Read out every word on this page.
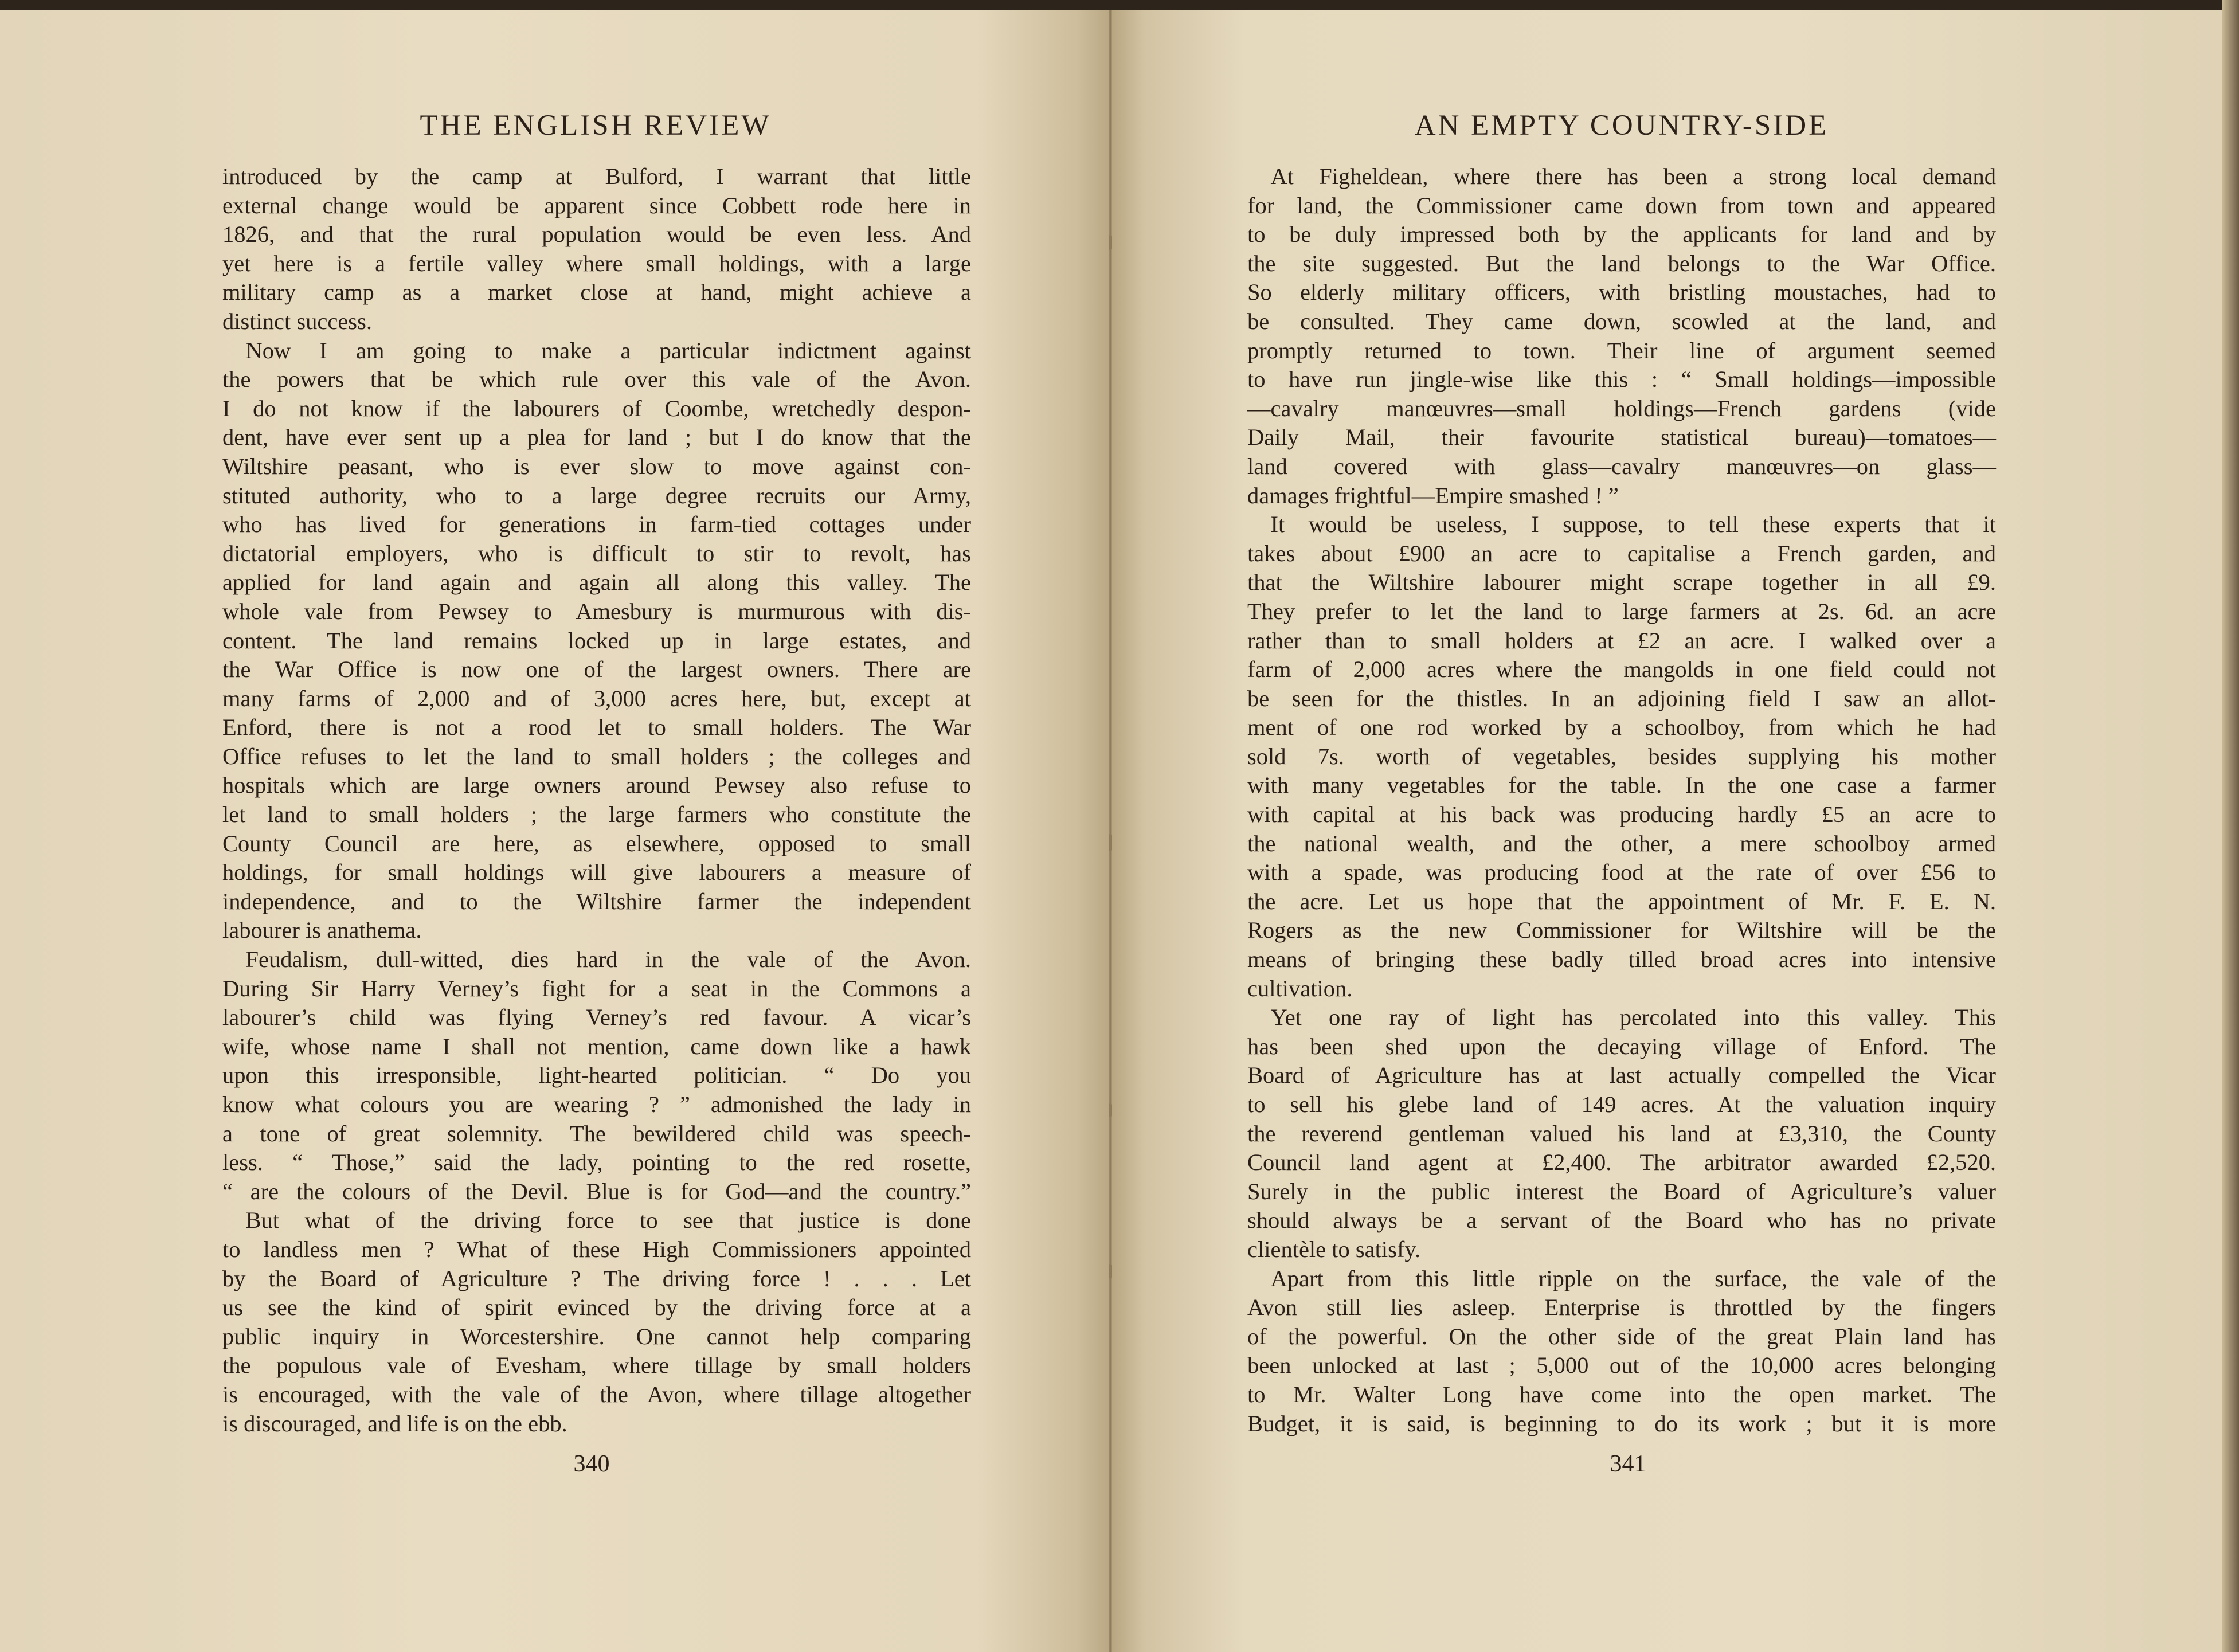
THE ENGLISH REVIEW	AN EMPTY COUNTRY-SIDE
introduced by the camp at Bulford, I warrant that little
external change would be apparent since Cobbett rode here in
1826, and that the rural population would be even less. And
yet here is a fertile valley where small holdings, with a large
military camp as a market close at hand, might achieve a
distinct success.
 Now I am going to make a particular indictment against
the powers that be which rule over this vale of the Avon.
I do not know if the labourers of Coombe, wretchedly despon-
dent, have ever sent up a plea for land ; but I do know that the
Wiltshire peasant, who is ever slow to move against con-
stituted authority, who to a large degree recruits our Army,
who has lived for generations in farm-tied cottages under
dictatorial employers, who is difficult to stir to revolt, has
applied for land again and again all along this valley. The
whole vale from Pewsey to Amesbury is murmurous with dis-
content. The land remains locked up in large estates, and
the War Office is now one of the largest owners. There are
many farms of 2,000 and of 3,000 acres here, but, except at
Enford, there is not a rood let to small holders. The War
Office refuses to let the land to small holders ; the colleges and
hospitals which are large owners around Pewsey also refuse to
let land to small holders ; the large farmers who constitute the
County Council are here, as elsewhere, opposed to small
holdings, for small holdings will give labourers a measure of
independence, and to the Wiltshire farmer the independent
labourer is anathema.
 Feudalism, dull-witted, dies hard in the vale of the Avon.
During Sir Harry Verney’s fight for a seat in the Commons a
labourer’s child was flying Verney’s red favour. A vicar’s
wife, whose name I shall not mention, came down like a hawk
upon this irresponsible, light-hearted politician. “ Do you
know what colours you are wearing ? ” admonished the lady in
a tone of great solemnity. The bewildered child was speech-
less. “ Those,” said the lady, pointing to the red rosette,
“ are the colours of the Devil. Blue is for God—and the country.”
 But what of the driving force to see that justice is done
to landless men ? What of these High Commissioners appointed
by the Board of Agriculture ? The driving force ! . . . Let
us see the kind of spirit evinced by the driving force at a
public inquiry in Worcestershire. One cannot help comparing
the populous vale of Evesham, where tillage by small holders
is encouraged, with the vale of the Avon, where tillage altogether
is discouraged, and life is on the ebb.
 At Figheldean, where there has been a strong local demand
for land, the Commissioner came down from town and appeared
to be duly impressed both by the applicants for land and by
the site suggested. But the land belongs to the War Office.
So elderly military officers, with bristling moustaches, had to
be consulted. They came down, scowled at the land, and
promptly returned to town. Their line of argument seemed
to have run jingle-wise like this : “ Small holdings—impossible
—cavalry manœuvres—small holdings—French gardens (vide
Daily Mail, their favourite statistical bureau)—tomatoes—
land covered with glass—cavalry manœuvres—on glass—
damages frightful—Empire smashed ! ”
 It would be useless, I suppose, to tell these experts that it
takes about £900 an acre to capitalise a French garden, and
that the Wiltshire labourer might scrape together in all £9.
They prefer to let the land to large farmers at 2s. 6d. an acre
rather than to small holders at £2 an acre. I walked over a
farm of 2,000 acres where the mangolds in one field could not
be seen for the thistles. In an adjoining field I saw an allot-
ment of one rod worked by a schoolboy, from which he had
sold 7s. worth of vegetables, besides supplying his mother
with many vegetables for the table. In the one case a farmer
with capital at his back was producing hardly £5 an acre to
the national wealth, and the other, a mere schoolboy armed
with a spade, was producing food at the rate of over £56 to
the acre. Let us hope that the appointment of Mr. F. E. N.
Rogers as the new Commissioner for Wiltshire will be the
means of bringing these badly tilled broad acres into intensive
cultivation.
 Yet one ray of light has percolated into this valley. This
has been shed upon the decaying village of Enford. The
Board of Agriculture has at last actually compelled the Vicar
to sell his glebe land of 149 acres. At the valuation inquiry
the reverend gentleman valued his land at £3,310, the County
Council land agent at £2,400. The arbitrator awarded £2,520.
Surely in the public interest the Board of Agriculture’s valuer
should always be a servant of the Board who has no private
clientèle to satisfy.
 Apart from this little ripple on the surface, the vale of the
Avon still lies asleep. Enterprise is throttled by the fingers
of the powerful. On the other side of the great Plain land has
been unlocked at last ; 5,000 out of the 10,000 acres belonging
to Mr. Walter Long have come into the open market. The
Budget, it is said, is beginning to do its work ; but it is more
340	341
